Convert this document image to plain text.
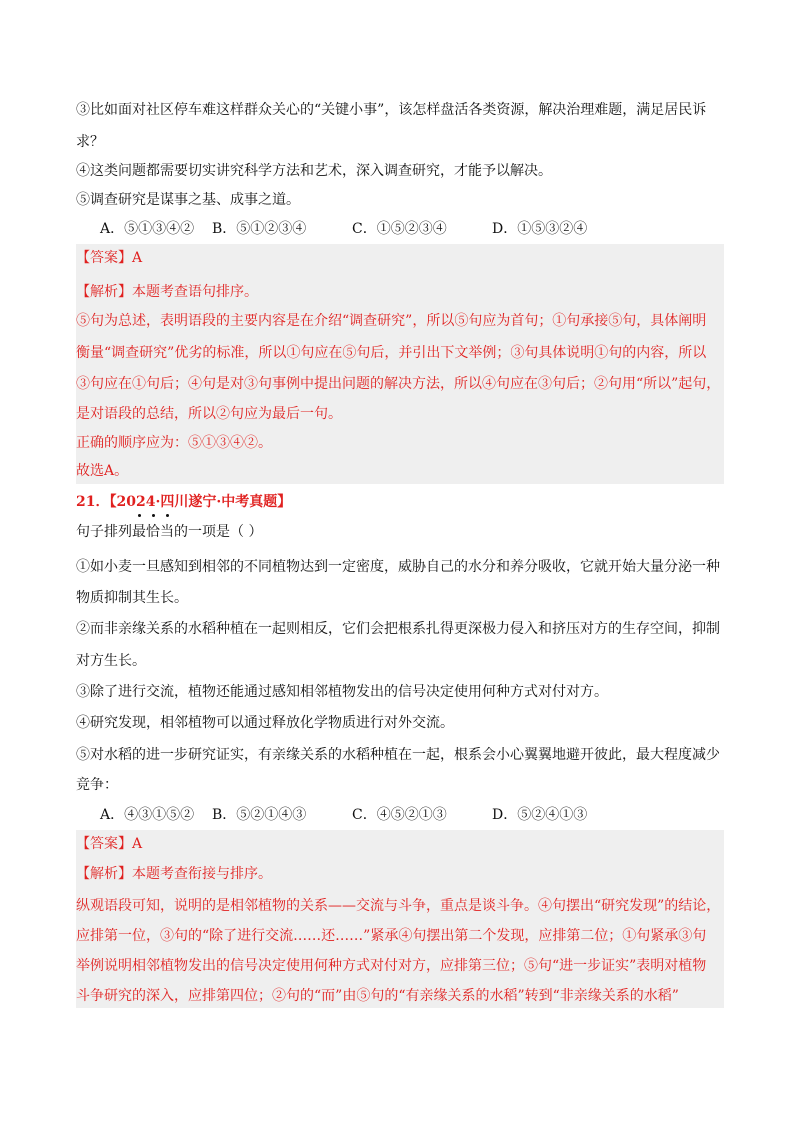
③比如面对社区停车难这样群众关心的“关键小事”，该怎样盘活各类资源，解决治理难题，满足居民诉
求？
④这类问题都需要切实讲究科学方法和艺术，深入调查研究，才能予以解决。
⑤调查研究是谋事之基、成事之道。
A．⑤①③④②	B．⑤①②③④	C．①⑤②③④	D．①⑤③②④
【答案】A
【解析】本题考查语句排序。
⑤句为总述，表明语段的主要内容是在介绍“调查研究”，所以⑤句应为首句；①句承接⑤句，具体阐明
衡量“调查研究”优劣的标准，所以①句应在⑤句后，并引出下文举例；③句具体说明①句的内容，所以
③句应在①句后；④句是对③句事例中提出问题的解决方法，所以④句应在③句后；②句用“所以”起句，
是对语段的总结，所以②句应为最后一句。
正确的顺序应为：⑤①③④②。
故选A。
21．【2024·四川遂宁·中考真题】
句子排列最恰当的一项是（ ）
①如小麦一旦感知到相邻的不同植物达到一定密度，威胁自己的水分和养分吸收，它就开始大量分泌一种
物质抑制其生长。
②而非亲缘关系的水稻种植在一起则相反，它们会把根系扎得更深极力侵入和挤压对方的生存空间，抑制
对方生长。
③除了进行交流，植物还能通过感知相邻植物发出的信号决定使用何种方式对付对方。
④研究发现，相邻植物可以通过释放化学物质进行对外交流。
⑤对水稻的进一步研究证实，有亲缘关系的水稻种植在一起，根系会小心翼翼地避开彼此，最大程度减少
竞争：
A．④③①⑤②	B．⑤②①④③	C．④⑤②①③	D．⑤②④①③
【答案】A
【解析】本题考查衔接与排序。
纵观语段可知，说明的是相邻植物的关系——交流与斗争，重点是谈斗争。④句摆出“研究发现”的结论，
应排第一位，③句的“除了进行交流……还……”紧承④句摆出第二个发现，应排第二位；①句紧承③句
举例说明相邻植物发出的信号决定使用何种方式对付对方，应排第三位；⑤句“进一步证实”表明对植物
斗争研究的深入，应排第四位；②句的“而”由⑤句的“有亲缘关系的水稻”转到“非亲缘关系的水稻”
